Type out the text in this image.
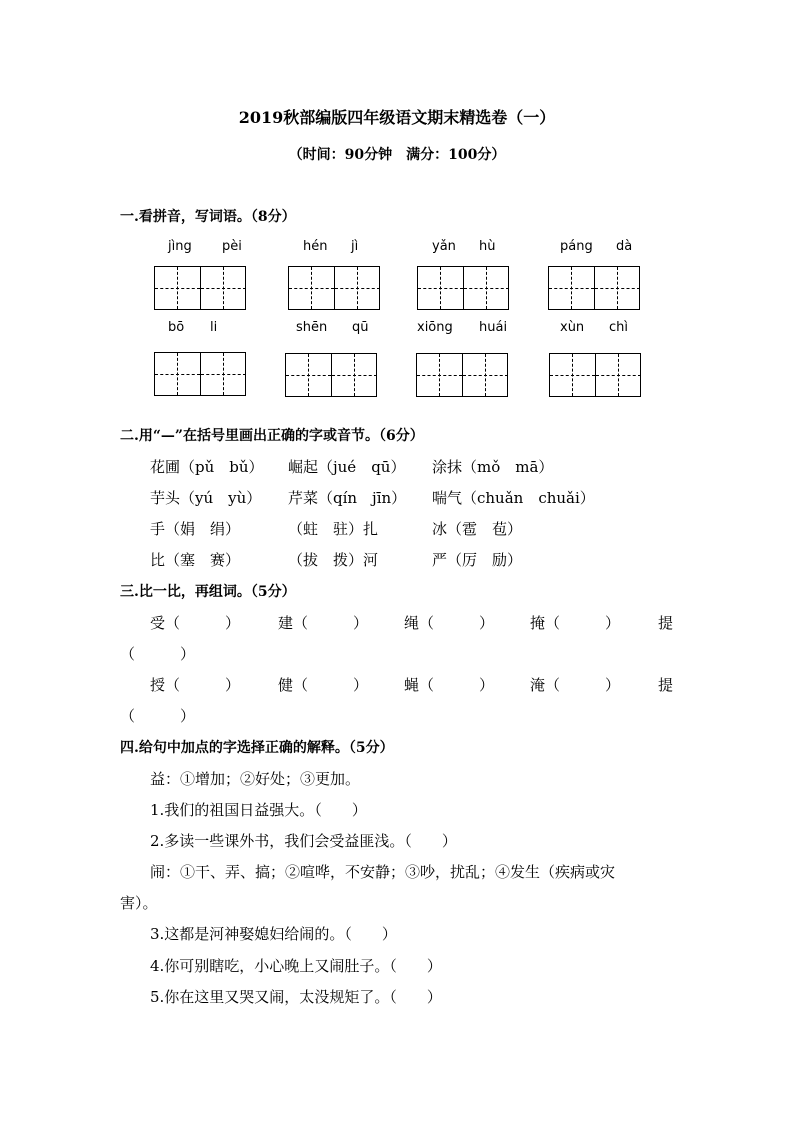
2019秋部编版四年级语文期末精选卷（一）
（时间：90分钟　满分：100分）
一.看拼音，写词语。（8分）
jìng pèi	hén jì	yǎn hù	páng dà
bō li	shēn qū	xiōng huái	xùn chì
二.用“—”在括号里画出正确的字或音节。（6分）
花圃（pǔ　bǔ） 崛起（jué　qū） 涂抹（mǒ　mā）
芋头（yú　yù） 芹菜（qín　jīn） 喘气（chuǎn　chuǎi）
手（娟　绢）	（蛀　驻）扎	冰（雹　苞）
比（塞　赛）	（拔　拨）河	严（厉　励）
三.比一比，再组词。（5分）
受（　　　）	建（　　　） 绳（　　　） 掩（　　　）	提
（　　　）
授（　　　）	健（　　　） 蝇（　　　） 淹（　　　）	提
（　　　）
四.给句中加点的字选择正确的解释。（5分）
益：①增加；②好处；③更加。
1.我们的祖国日益强大。（　　）
2.多读一些课外书，我们会受益匪浅。（　　）
闹：①干、弄、搞；②喧哗，不安静；③吵，扰乱；④发生（疾病或灾
害）。
3.这都是河神娶媳妇给闹的。（　　）
4.你可别瞎吃，小心晚上又闹肚子。（　　）
5.你在这里又哭又闹，太没规矩了。（　　）
